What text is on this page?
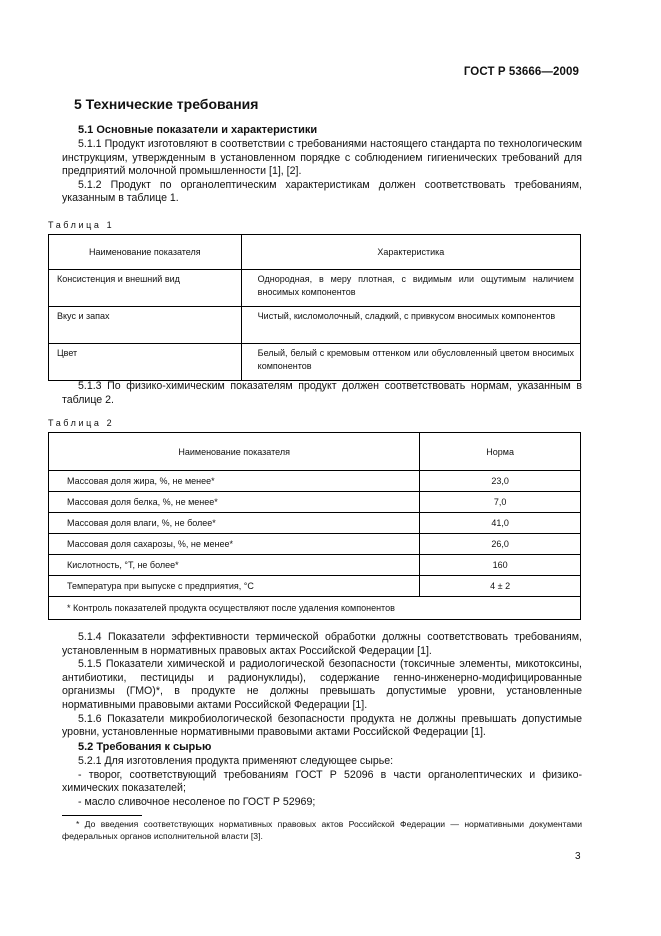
ГОСТ Р 53666—2009
5 Технические требования
5.1 Основные показатели и характеристики

5.1.1 Продукт изготовляют в соответствии с требованиями настоящего стандарта по технологическим инструкциям, утвержденным в установленном порядке с соблюдением гигиенических требований для предприятий молочной промышленности [1], [2].

5.1.2 Продукт по органолептическим характеристикам должен соответствовать требованиям, указанным в таблице 1.

Таблица 1
Наименование показателя	Характеристика
Консистенция и внешний вид	Однородная, в меру плотная, с видимым или ощутимым наличием вносимых компонентов
Вкус и запах	Чистый, кисломолочный, сладкий, с привкусом вносимых компонентов
Цвет	Белый, белый с кремовым оттенком или обусловленный цветом вносимых компонентов

5.1.3 По физико-химическим показателям продукт должен соответствовать нормам, указанным в таблице 2.

Таблица 2
Наименование показателя	Норма
Массовая доля жира, %, не менее*	23,0
Массовая доля белка, %, не менее*	7,0
Массовая доля влаги, %, не более*	41,0
Массовая доля сахарозы, %, не менее*	26,0
Кислотность, °Т, не более*	160
Температура при выпуске с предприятия, °С	4 ± 2
* Контроль показателей продукта осуществляют после удаления компонентов	

5.1.4 Показатели эффективности термической обработки должны соответствовать требованиям, установленным в нормативных правовых актах Российской Федерации [1].

5.1.5 Показатели химической и радиологической безопасности (токсичные элементы, микотоксины, антибиотики, пестициды и радионуклиды), содержание генно-инженерно-модифицированные организмы (ГМО)*, в продукте не должны превышать допустимые уровни, установленные нормативными правовыми актами Российской Федерации [1].

5.1.6 Показатели микробиологической безопасности продукта не должны превышать допустимые уровни, установленные нормативными правовыми актами Российской Федерации [1].

5.2 Требования к сырью

5.2.1 Для изготовления продукта применяют следующее сырье:

- творог, соответствующий требованиям ГОСТ Р 52096 в части органолептических и физико-химических показателей;

- масло сливочное несоленое по ГОСТ Р 52969;

* До введения соответствующих нормативных правовых актов Российской Федерации — нормативными документами федеральных органов исполнительной власти [3].

3
